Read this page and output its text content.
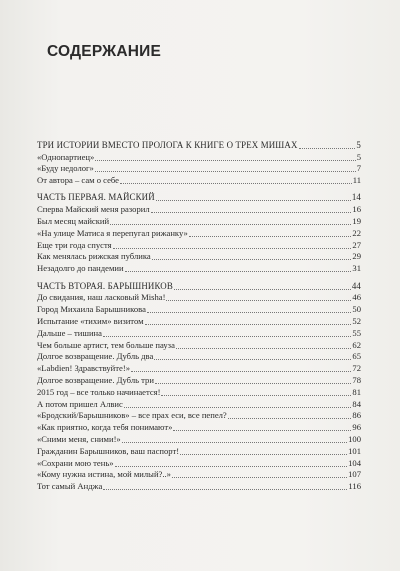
СОДЕРЖАНИЕ
ТРИ ИСТОРИИ ВМЕСТО ПРОЛОГА К КНИГЕ О ТРЕХ МИШАХ	5
«Однопартиец»	5
«Буду недолог»	7
От автора – сам о себе	11
ЧАСТЬ ПЕРВАЯ. МАЙСКИЙ	14
Сперва Майский меня разорил	16
Был месяц майский	19
«На улице Матиса я перепугал рижанку»	22
Еще три года спустя	27
Как менялась рижская публика	29
Незадолго до пандемии	31
ЧАСТЬ ВТОРАЯ. БАРЫШНИКОВ	44
До свидания, наш ласковый Misha!	46
Город Михаила Барышникова	50
Испытание «тихим» визитом	52
Дальше – тишина	55
Чем больше артист, тем больше пауза	62
Долгое возвращение. Дубль два	65
«Labdien! Здравствуйте!»	72
Долгое возвращение. Дубль три	78
2015 год – все только начинается!	81
А потом пришел Алвис	84
«Бродский/Барышников» – все прах еси, все пепел?	86
«Как приятно, когда тебя понимают»	96
«Сними меня, сними!»	100
Гражданин Барышников, ваш паспорт!	101
«Сохрани мою тень»	104
«Кому нужна истина, мой милый?..»	107
Тот самый Анджа	116
